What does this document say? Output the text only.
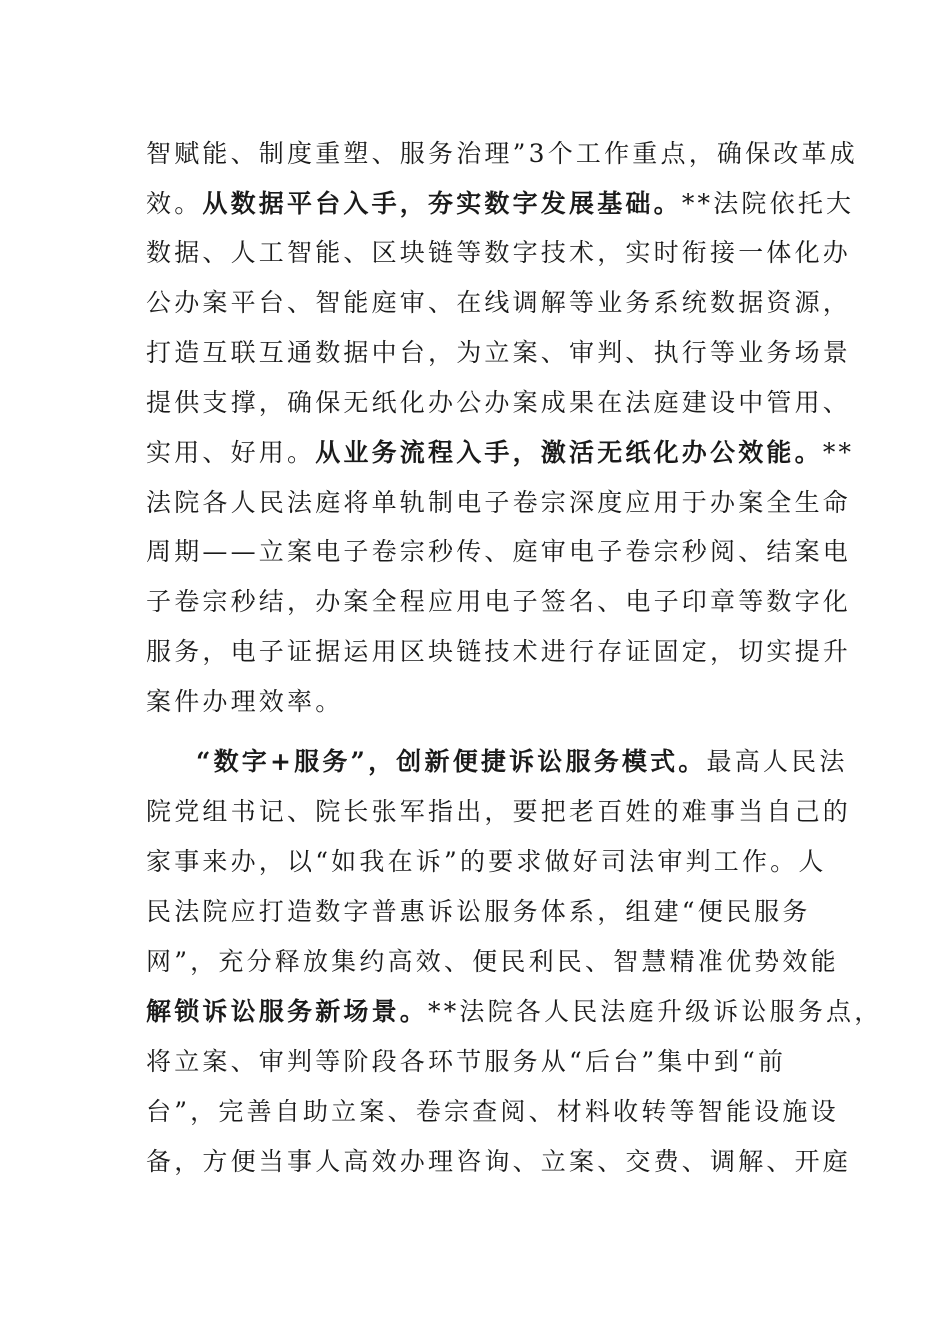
智赋能、制度重塑、服务治理”3个工作重点，确保改革成
效。从数据平台入手，夯实数字发展基础。**法院依托大
数据、人工智能、区块链等数字技术，实时衔接一体化办
公办案平台、智能庭审、在线调解等业务系统数据资源，
打造互联互通数据中台，为立案、审判、执行等业务场景
提供支撑，确保无纸化办公办案成果在法庭建设中管用、
实用、好用。从业务流程入手，激活无纸化办公效能。**
法院各人民法庭将单轨制电子卷宗深度应用于办案全生命
周期——立案电子卷宗秒传、庭审电子卷宗秒阅、结案电
子卷宗秒结，办案全程应用电子签名、电子印章等数字化
服务，电子证据运用区块链技术进行存证固定，切实提升
案件办理效率。
“数字+服务”，创新便捷诉讼服务模式。最高人民法
院党组书记、院长张军指出，要把老百姓的难事当自己的
家事来办，以“如我在诉”的要求做好司法审判工作。人
民法院应打造数字普惠诉讼服务体系，组建“便民服务
网”，充分释放集约高效、便民利民、智慧精准优势效能
解锁诉讼服务新场景。**法院各人民法庭升级诉讼服务点，
将立案、审判等阶段各环节服务从“后台”集中到“前
台”，完善自助立案、卷宗查阅、材料收转等智能设施设
备，方便当事人高效办理咨询、立案、交费、调解、开庭
